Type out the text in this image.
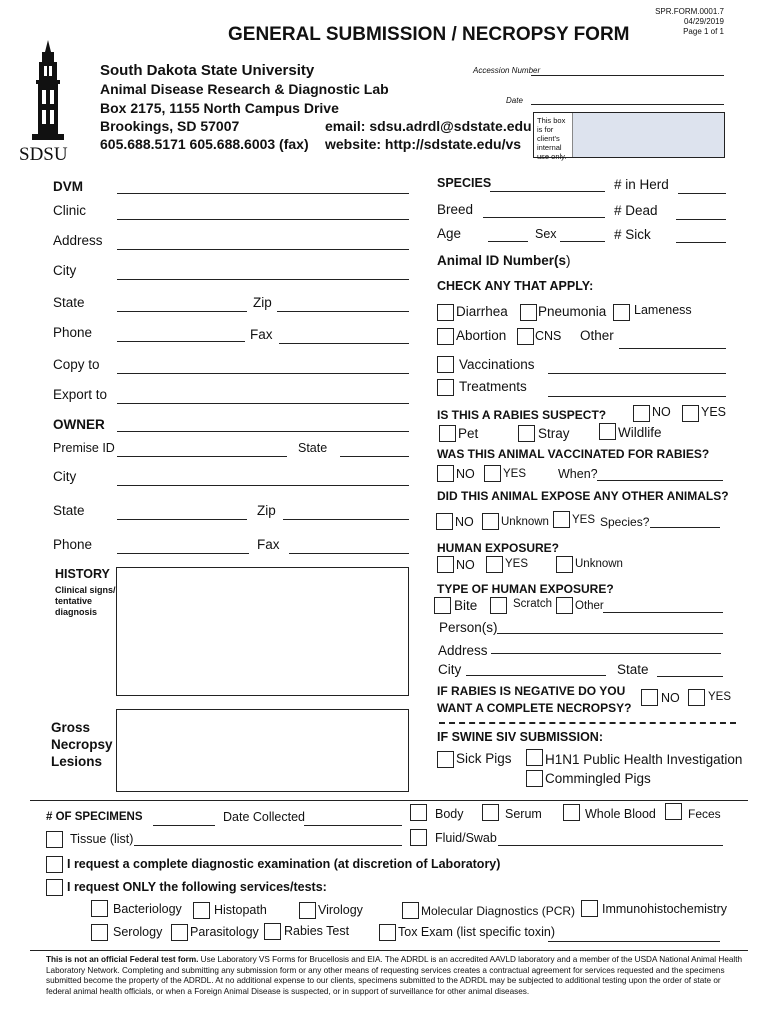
SPR.FORM.0001.7
04/29/2019
Page 1 of 1
GENERAL SUBMISSION / NECROPSY FORM
SDSU
South Dakota State University
Animal Disease Research & Diagnostic Lab
Box 2175, 1155 North Campus Drive
Brookings, SD 57007	email: sdsu.adrdl@sdstate.edu
605.688.5171 605.688.6003 (fax) website: http://sdstate.edu/vs
Accession Number
Date
This box is for client's internal use only.
DVM
Clinic
Address
City
State	Zip
Phone	Fax
Copy to
Export to
OWNER
Premise ID	State
City
State	Zip
Phone	Fax
HISTORY
Clinical signs/
tentative
diagnosis
Gross
Necropsy
Lesions
SPECIES	# in Herd
Breed	# Dead
Age	Sex	# Sick
Animal ID Number(s)
CHECK ANY THAT APPLY:
Diarrhea Pneumonia Lameness
Abortion CNS Other
Vaccinations
Treatments
IS THIS A RABIES SUSPECT?	NO YES
Pet	Stray	Wildlife
WAS THIS ANIMAL VACCINATED FOR RABIES?
NO YES	When?
DID THIS ANIMAL EXPOSE ANY OTHER ANIMALS?
NO Unknown YES Species?
HUMAN EXPOSURE?
NO	YES	Unknown
TYPE OF HUMAN EXPOSURE?
Bite	Scratch Other
Person(s)
Address
City	State
IF RABIES IS NEGATIVE DO YOU
WANT A COMPLETE NECROPSY?
NO YES
IF SWINE SIV SUBMISSION:
Sick Pigs H1N1 Public Health Investigation
Commingled Pigs
# OF SPECIMENS	Date Collected
Tissue (list)
Body	Serum	Whole Blood	Feces
Fluid/Swab
I request a complete diagnostic examination (at discretion of Laboratory)
I request ONLY the following services/tests:
Bacteriology	Histopath	Virology	Molecular Diagnostics (PCR) Immunohistochemistry
Serology Parasitology Rabies Test	Tox Exam (list specific toxin)
This is not an official Federal test form. Use Laboratory VS Forms for Brucellosis and EIA. The ADRDL is an accredited AAVLD laboratory and a member of the USDA National Animal Health Laboratory Network. Completing and submitting any submission form or any other means of requesting services creates a contractual agreement for services requested and the specimens submitted become the property of the ADRDL. At no additional expense to our clients, specimens submitted to the ADRDL may be subjected to additional testing upon the order of state or federal animal health officials, or when a Foreign Animal Disease is suspected, or in support of surveillance for other animal diseases.
